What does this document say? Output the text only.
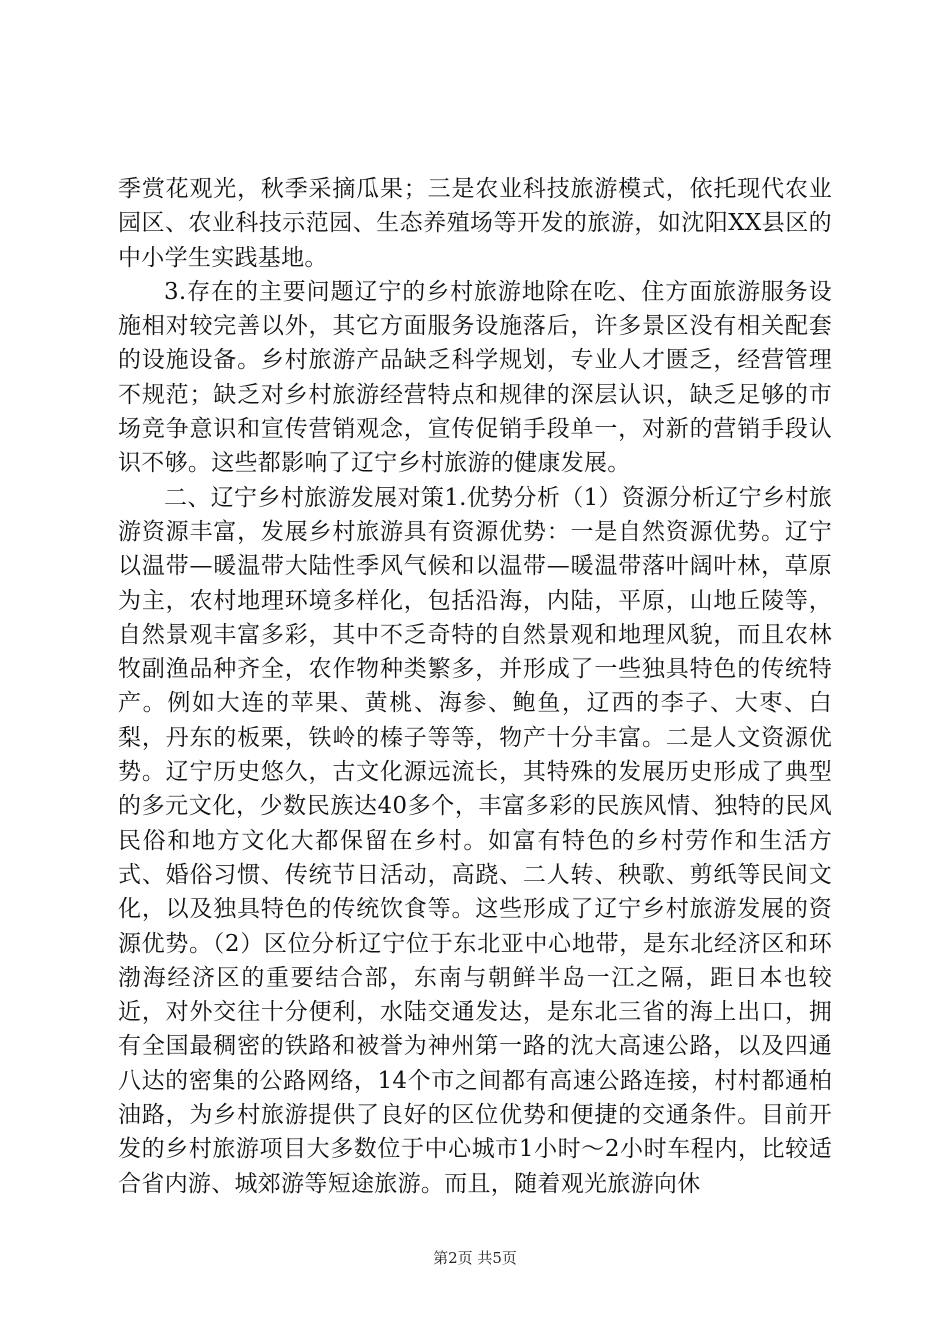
季赏花观光，秋季采摘瓜果；三是农业科技旅游模式，依托现代农业园区、农业科技示范园、生态养殖场等开发的旅游，如沈阳XX县区的中小学生实践基地。

3.存在的主要问题辽宁的乡村旅游地除在吃、住方面旅游服务设施相对较完善以外，其它方面服务设施落后，许多景区没有相关配套的设施设备。乡村旅游产品缺乏科学规划，专业人才匮乏，经营管理不规范；缺乏对乡村旅游经营特点和规律的深层认识，缺乏足够的市场竞争意识和宣传营销观念，宣传促销手段单一，对新的营销手段认识不够。这些都影响了辽宁乡村旅游的健康发展。

二、辽宁乡村旅游发展对策1.优势分析（1）资源分析辽宁乡村旅游资源丰富，发展乡村旅游具有资源优势：一是自然资源优势。辽宁以温带—暖温带大陆性季风气候和以温带—暖温带落叶阔叶林，草原为主，农村地理环境多样化，包括沿海，内陆，平原，山地丘陵等，自然景观丰富多彩，其中不乏奇特的自然景观和地理风貌，而且农林牧副渔品种齐全，农作物种类繁多，并形成了一些独具特色的传统特产。例如大连的苹果、黄桃、海参、鲍鱼，辽西的李子、大枣、白梨，丹东的板栗，铁岭的榛子等等，物产十分丰富。二是人文资源优势。辽宁历史悠久，古文化源远流长，其特殊的发展历史形成了典型的多元文化，少数民族达40多个，丰富多彩的民族风情、独特的民风民俗和地方文化大都保留在乡村。如富有特色的乡村劳作和生活方式、婚俗习惯、传统节日活动，高跷、二人转、秧歌、剪纸等民间文化，以及独具特色的传统饮食等。这些形成了辽宁乡村旅游发展的资源优势。（2）区位分析辽宁位于东北亚中心地带，是东北经济区和环渤海经济区的重要结合部，东南与朝鲜半岛一江之隔，距日本也较近，对外交往十分便利，水陆交通发达，是东北三省的海上出口，拥有全国最稠密的铁路和被誉为神州第一路的沈大高速公路，以及四通八达的密集的公路网络，14个市之间都有高速公路连接，村村都通柏油路，为乡村旅游提供了良好的区位优势和便捷的交通条件。目前开发的乡村旅游项目大多数位于中心城市1小时～2小时车程内，比较适合省内游、城郊游等短途旅游。而且，随着观光旅游向休

第2页 共5页
